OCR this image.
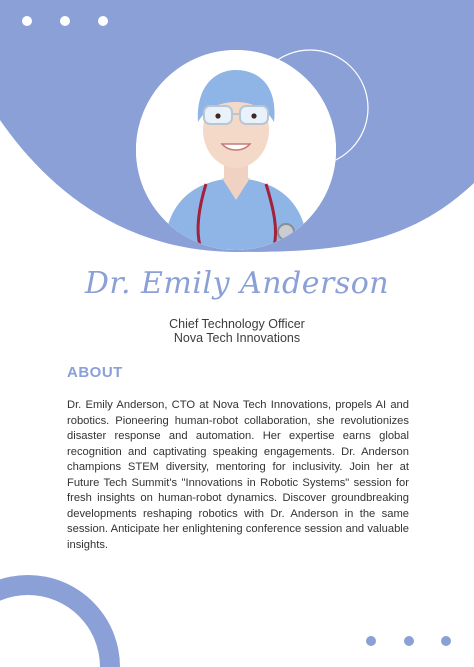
Dr. Emily Anderson
Chief Technology Officer
Nova Tech Innovations
ABOUT

Dr. Emily Anderson, CTO at Nova Tech Innovations, propels AI and robotics. Pioneering human-robot collaboration, she revolutionizes disaster response and automation. Her expertise earns global recognition and captivating speaking engagements. Dr. Anderson champions STEM diversity, mentoring for inclusivity. Join her at Future Tech Summit's "Innovations in Robotic Systems" session for fresh insights on human-robot dynamics. Discover groundbreaking developments reshaping robotics with Dr. Anderson in the same session. Anticipate her enlightening conference session and valuable insights.
